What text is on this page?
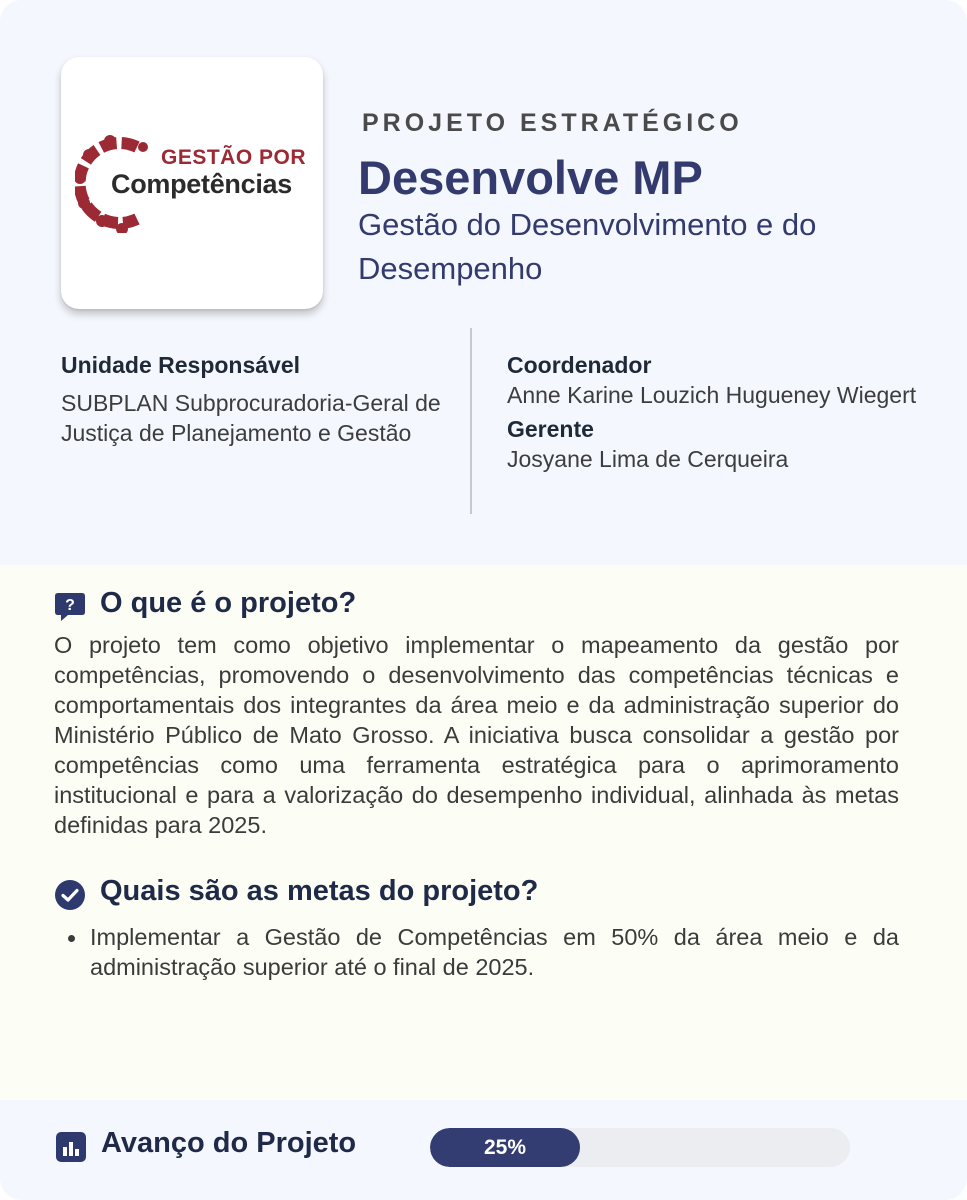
GESTÃO POR
Competências
PROJETO ESTRATÉGICO
Desenvolve MP
Gestão do Desenvolvimento e do Desempenho
Unidade Responsável
SUBPLAN Subprocuradoria-Geral de Justiça de Planejamento e Gestão
Coordenador
Anne Karine Louzich Hugueney Wiegert
Gerente
Josyane Lima de Cerqueira
? O que é o projeto?
O projeto tem como objetivo implementar o mapeamento da gestão por competências, promovendo o desenvolvimento das competências técnicas e comportamentais dos integrantes da área meio e da administração superior do Ministério Público de Mato Grosso. A iniciativa busca consolidar a gestão por competências como uma ferramenta estratégica para o aprimoramento institucional e para a valorização do desempenho individual, alinhada às metas definidas para 2025.
Quais são as metas do projeto?
Implementar a Gestão de Competências em 50% da área meio e da administração superior até o final de 2025.
Avanço do Projeto	25%
